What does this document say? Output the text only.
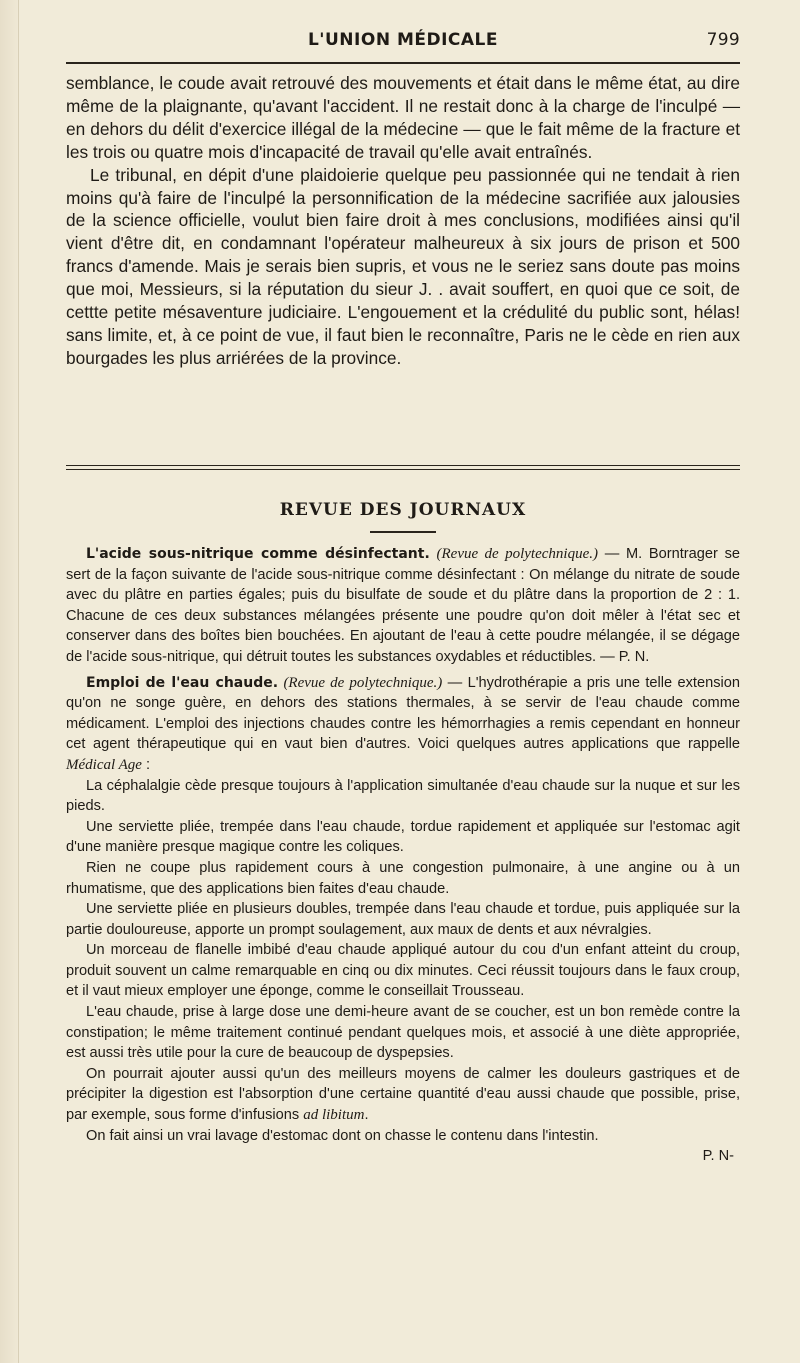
L'UNION MÉDICALE	799

semblance, le coude avait retrouvé des mouvements et était dans le même état, au dire même de la plaignante, qu'avant l'accident. Il ne restait donc à la charge de l'inculpé — en dehors du délit d'exercice illégal de la médecine — que le fait même de la fracture et les trois ou quatre mois d'incapacité de travail qu'elle avait entraînés.

Le tribunal, en dépit d'une plaidoierie quelque peu passionnée qui ne tendait à rien moins qu'à faire de l'inculpé la personnification de la médecine sacrifiée aux jalousies de la science officielle, voulut bien faire droit à mes conclusions, modifiées ainsi qu'il vient d'être dit, en condamnant l'opérateur malheureux à six jours de prison et 500 francs d'amende. Mais je serais bien supris, et vous ne le seriez sans doute pas moins que moi, Messieurs, si la réputation du sieur J. . avait souffert, en quoi que ce soit, de cettte petite mésaventure judiciaire. L'engouement et la crédulité du public sont, hélas! sans limite, et, à ce point de vue, il faut bien le reconnaître, Paris ne le cède en rien aux bourgades les plus arriérées de la province.

REVUE DES JOURNAUX

L'acide sous-nitrique comme désinfectant. (Revue de polytechnique.) — M. Borntrager se sert de la façon suivante de l'acide sous-nitrique comme désinfectant : On mélange du nitrate de soude avec du plâtre en parties égales; puis du bisulfate de soude et du plâtre dans la proportion de 2 : 1. Chacune de ces deux substances mélangées présente une poudre qu'on doit mêler à l'état sec et conserver dans des boîtes bien bouchées. En ajoutant de l'eau à cette poudre mélangée, il se dégage de l'acide sous-nitrique, qui détruit toutes les substances oxydables et réductibles. — P. N.

Emploi de l'eau chaude. (Revue de polytechnique.) — L'hydrothérapie a pris une telle extension qu'on ne songe guère, en dehors des stations thermales, à se servir de l'eau chaude comme médicament. L'emploi des injections chaudes contre les hémorrhagies a remis cependant en honneur cet agent thérapeutique qui en vaut bien d'autres. Voici quelques autres applications que rappelle Médical Age :

La céphalalgie cède presque toujours à l'application simultanée d'eau chaude sur la nuque et sur les pieds.

Une serviette pliée, trempée dans l'eau chaude, tordue rapidement et appliquée sur l'estomac agit d'une manière presque magique contre les coliques.

Rien ne coupe plus rapidement cours à une congestion pulmonaire, à une angine ou à un rhumatisme, que des applications bien faites d'eau chaude.

Une serviette pliée en plusieurs doubles, trempée dans l'eau chaude et tordue, puis appliquée sur la partie douloureuse, apporte un prompt soulagement, aux maux de dents et aux névralgies.

Un morceau de flanelle imbibé d'eau chaude appliqué autour du cou d'un enfant atteint du croup, produit souvent un calme remarquable en cinq ou dix minutes. Ceci réussit toujours dans le faux croup, et il vaut mieux employer une éponge, comme le conseillait Trousseau.

L'eau chaude, prise à large dose une demi-heure avant de se coucher, est un bon remède contre la constipation; le même traitement continué pendant quelques mois, et associé à une diète appropriée, est aussi très utile pour la cure de beaucoup de dyspepsies.

On pourrait ajouter aussi qu'un des meilleurs moyens de calmer les douleurs gastriques et de précipiter la digestion est l'absorption d'une certaine quantité d'eau aussi chaude que possible, prise, par exemple, sous forme d'infusions ad libitum.

On fait ainsi un vrai lavage d'estomac dont on chasse le contenu dans l'intestin.

P. N-
